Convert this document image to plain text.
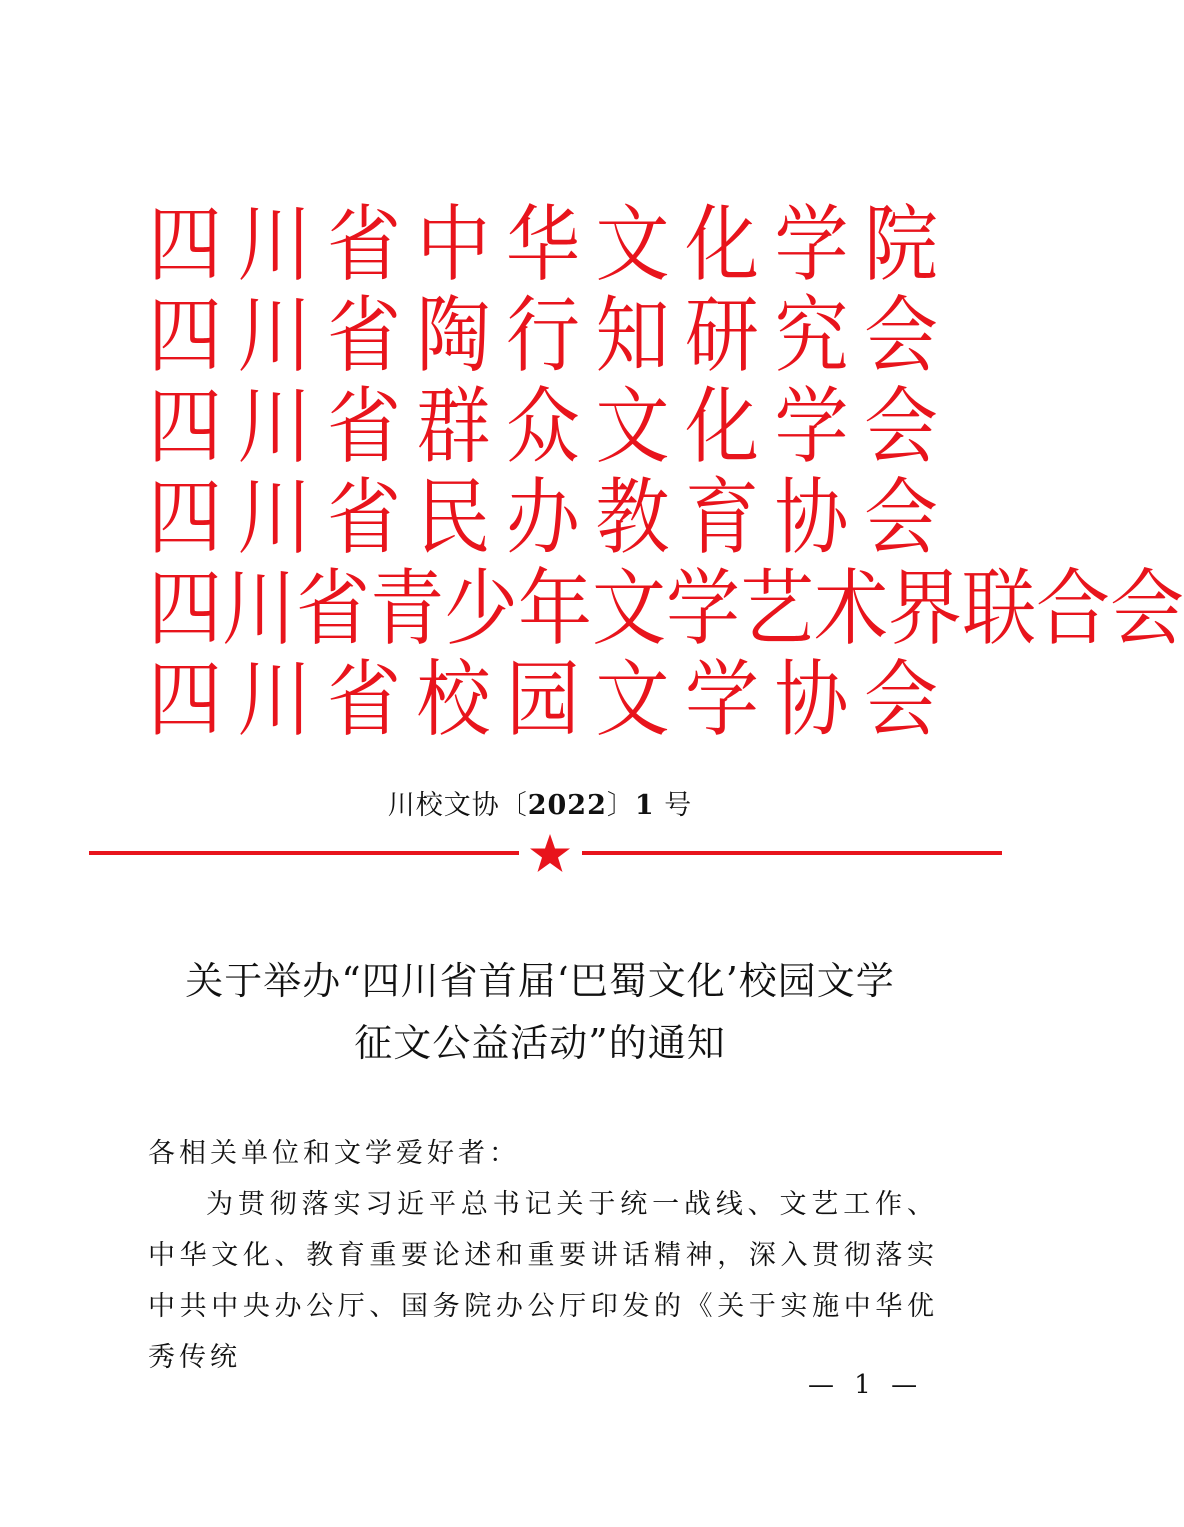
四 川 省 中 华 文 化 学 院
四 川 省 陶 行 知 研 究 会
四 川 省 群 众 文 化 学 会
四 川 省 民 办 教 育 协 会
四 川 省 青 少 年 文 学 艺 术 界 联 合 会
四 川 省 校 园 文 学 协 会
川校文协〔2022〕1 号
关于举办“四川省首届‘巴蜀文化’校园文学
征文公益活动”的通知

各相关单位和文学爱好者：

为贯彻落实习近平总书记关于统一战线、文艺工作、中华文化、教育重要论述和重要讲话精神，深入贯彻落实中共中央办公厅、国务院办公厅印发的《关于实施中华优秀传统

— 1 —
